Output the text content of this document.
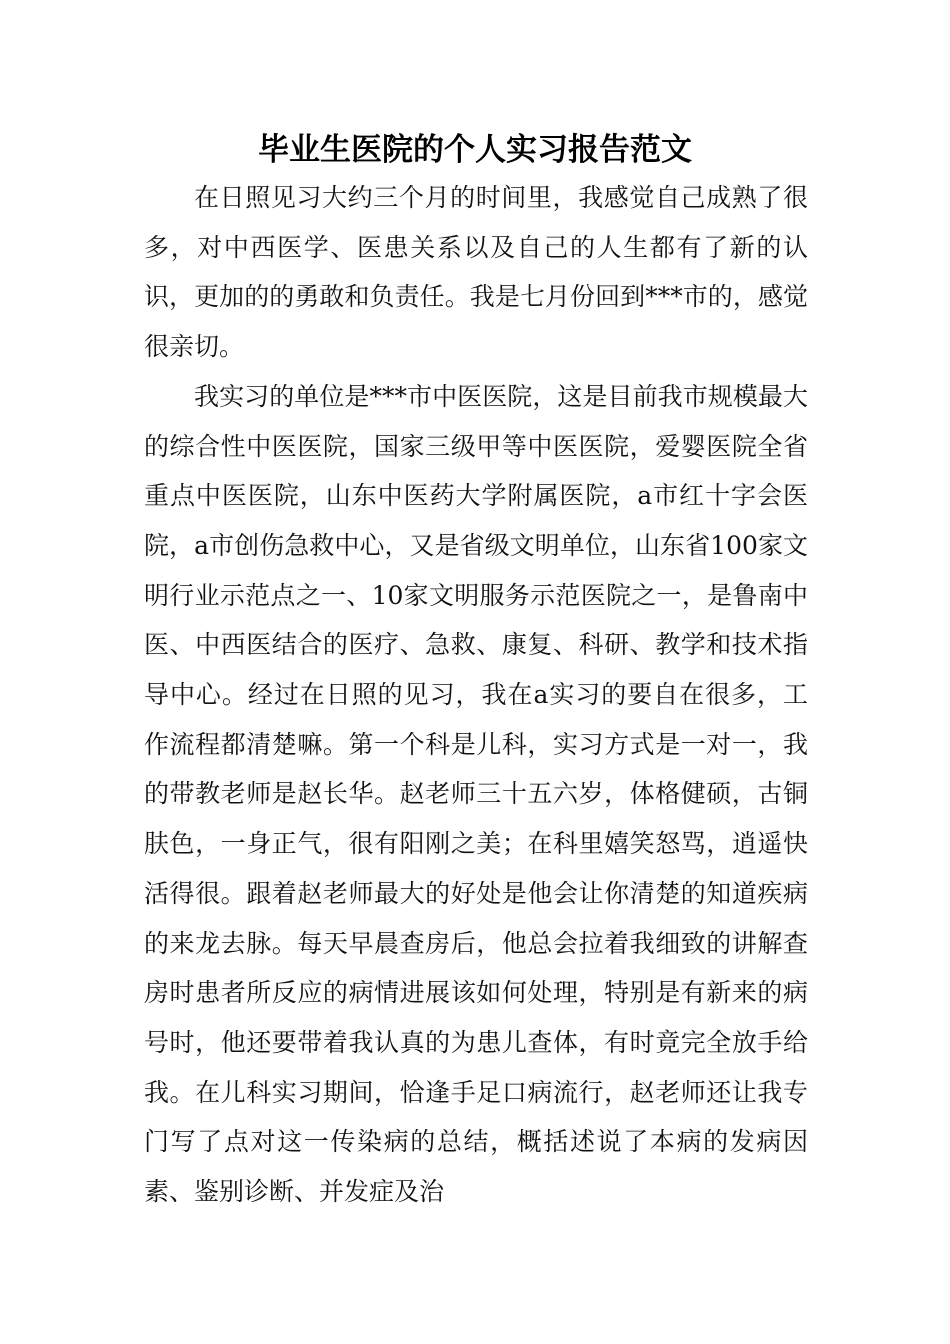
毕业生医院的个人实习报告范文

在日照见习大约三个月的时间里，我感觉自己成熟了很多，对中西医学、医患关系以及自己的人生都有了新的认识，更加的的勇敢和负责任。我是七月份回到***市的，感觉很亲切。

我实习的单位是***市中医医院，这是目前我市规模最大的综合性中医医院，国家三级甲等中医医院，爱婴医院全省重点中医医院，山东中医药大学附属医院，a市红十字会医院，a市创伤急救中心，又是省级文明单位，山东省100家文明行业示范点之一、10家文明服务示范医院之一，是鲁南中医、中西医结合的医疗、急救、康复、科研、教学和技术指导中心。经过在日照的见习，我在a实习的要自在很多，工作流程都清楚嘛。第一个科是儿科，实习方式是一对一，我的带教老师是赵长华。赵老师三十五六岁，体格健硕，古铜肤色，一身正气，很有阳刚之美；在科里嬉笑怒骂，逍遥快活得很。跟着赵老师最大的好处是他会让你清楚的知道疾病的来龙去脉。每天早晨查房后，他总会拉着我细致的讲解查房时患者所反应的病情进展该如何处理，特别是有新来的病号时，他还要带着我认真的为患儿查体，有时竟完全放手给我。在儿科实习期间，恰逢手足口病流行，赵老师还让我专门写了点对这一传染病的总结，概括述说了本病的发病因素、鉴别诊断、并发症及治
